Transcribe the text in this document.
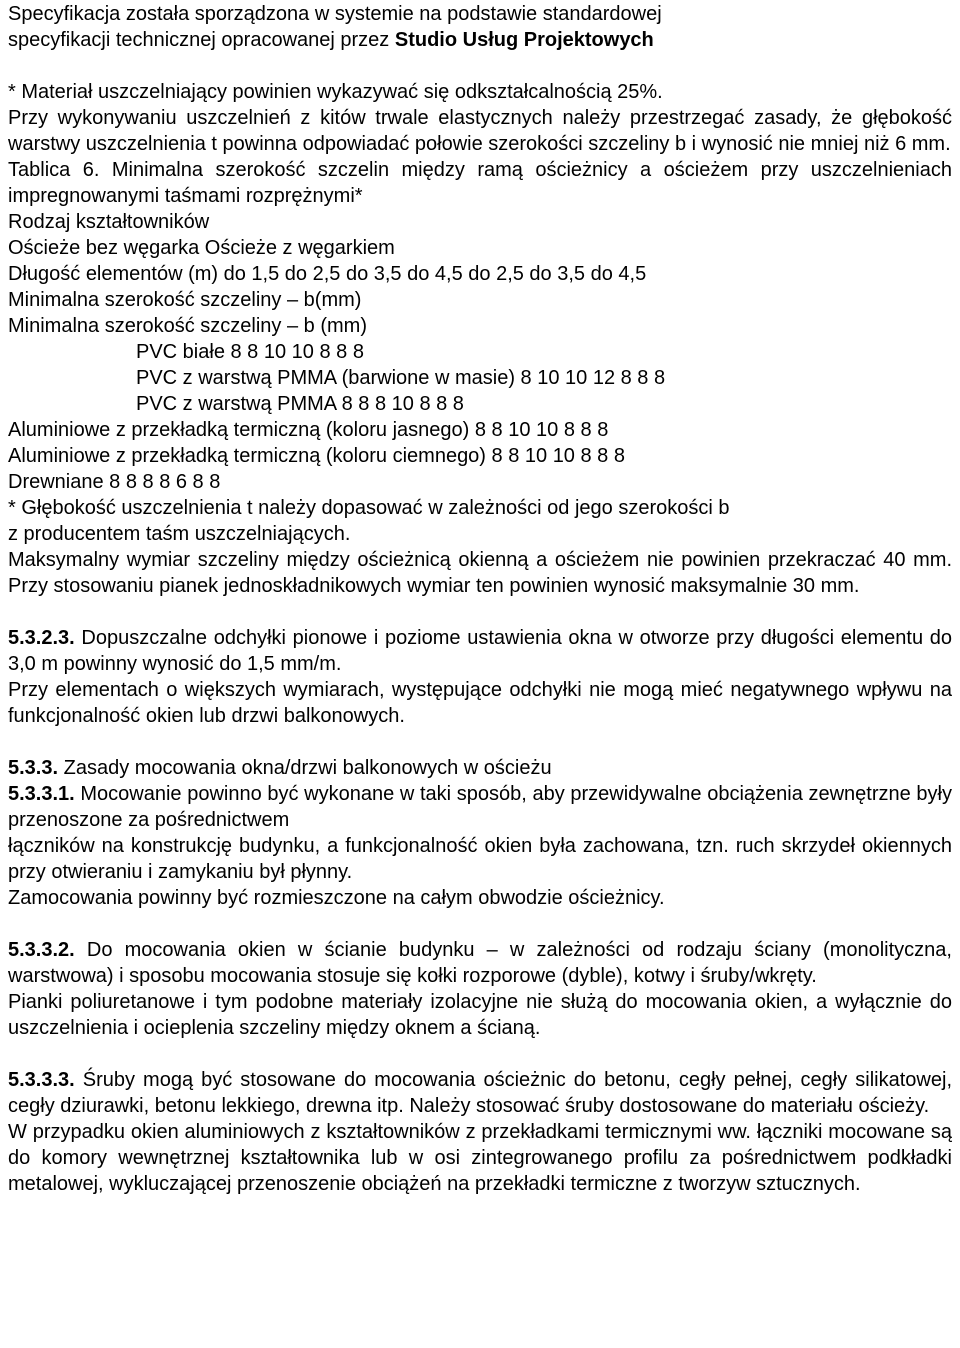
Specyfikacja została sporządzona w systemie na podstawie standardowej

specyfikacji technicznej opracowanej przez Studio Usług Projektowych

* Materiał uszczelniający powinien wykazywać się odkształcalnością 25%.

Przy wykonywaniu uszczelnień z kitów trwale elastycznych należy przestrzegać zasady, że głębokość warstwy uszczelnienia t powinna odpowiadać połowie szerokości szczeliny b i wynosić nie mniej niż 6 mm.

Tablica 6. Minimalna szerokość szczelin między ramą ościeżnicy a ościeżem przy uszczelnieniach impregnowanymi taśmami rozprężnymi*

Rodzaj kształtowników

Ościeże bez węgarka Ościeże z węgarkiem

Długość elementów (m) do 1,5 do 2,5 do 3,5 do 4,5 do 2,5 do 3,5 do 4,5

Minimalna szerokość szczeliny – b(mm)

Minimalna szerokość szczeliny – b (mm)

PVC białe 8 8 10 10 8 8 8

PVC z warstwą PMMA (barwione w masie) 8 10 10 12 8 8 8

PVC z warstwą PMMA 8 8 8 10 8 8 8

Aluminiowe z przekładką termiczną (koloru jasnego) 8 8 10 10 8 8 8

Aluminiowe z przekładką termiczną (koloru ciemnego) 8 8 10 10 8 8 8

Drewniane 8 8 8 8 6 8 8

* Głębokość uszczelnienia t należy dopasować w zależności od jego szerokości b

z producentem taśm uszczelniających.

Maksymalny wymiar szczeliny między ościeżnicą okienną a ościeżem nie powinien przekraczać 40 mm. Przy stosowaniu pianek jednoskładnikowych wymiar ten powinien wynosić maksymalnie 30 mm.

5.3.2.3. Dopuszczalne odchyłki pionowe i poziome ustawienia okna w otworze przy długości elementu do 3,0 m powinny wynosić do 1,5 mm/m.

Przy elementach o większych wymiarach, występujące odchyłki nie mogą mieć negatywnego wpływu na funkcjonalność okien lub drzwi balkonowych.

5.3.3. Zasady mocowania okna/drzwi balkonowych w ościeżu

5.3.3.1. Mocowanie powinno być wykonane w taki sposób, aby przewidywalne obciążenia zewnętrzne były przenoszone za pośrednictwem

łączników na konstrukcję budynku, a funkcjonalność okien była zachowana, tzn. ruch skrzydeł okiennych przy otwieraniu i zamykaniu był płynny.

Zamocowania powinny być rozmieszczone na całym obwodzie ościeżnicy.

5.3.3.2. Do mocowania okien w ścianie budynku – w zależności od rodzaju ściany (monolityczna, warstwowa) i sposobu mocowania stosuje się kołki rozporowe (dyble), kotwy i śruby/wkręty.

Pianki poliuretanowe i tym podobne materiały izolacyjne nie służą do mocowania okien, a wyłącznie do uszczelnienia i ocieplenia szczeliny między oknem a ścianą.

5.3.3.3. Śruby mogą być stosowane do mocowania ościeżnic do betonu, cegły pełnej, cegły silikatowej, cegły dziurawki, betonu lekkiego, drewna itp. Należy stosować śruby dostosowane do materiału ościeży.

W przypadku okien aluminiowych z kształtowników z przekładkami termicznymi ww. łączniki mocowane są do komory wewnętrznej kształtownika lub w osi zintegrowanego profilu za pośrednictwem podkładki metalowej, wykluczającej przenoszenie obciążeń na przekładki termiczne z tworzyw sztucznych.
